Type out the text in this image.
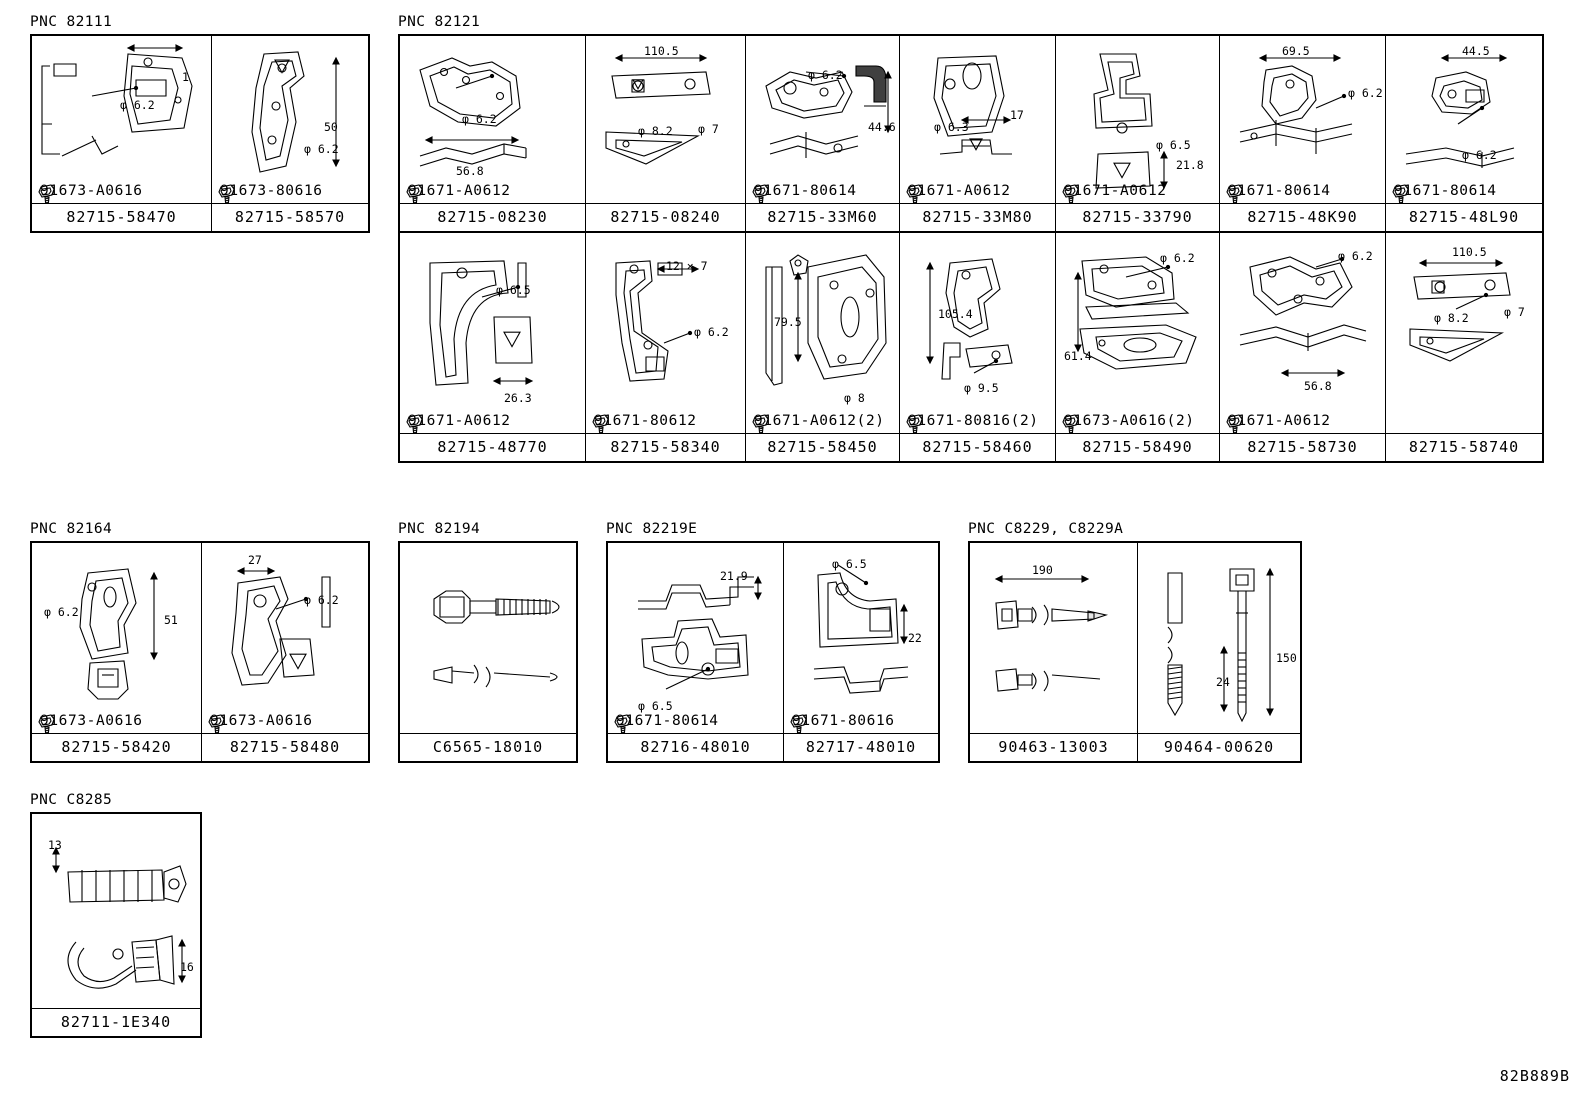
82B889B
PNC 82111
φ 6.2
1
91673-A0616
82715-58470
φ 6.2
50
91673-80616
82715-58570
PNC 82121
φ 6.2
56.8
91671-A0612
82715-08230
110.5
φ 8.2 φ 7
82715-08240
φ 6.2
44.6
91671-80614
82715-33M60
φ 6.3
17
91671-A0612
82715-33M80
φ 6.5
21.8
91671-A0612
82715-33790
69.5
φ 6.2
91671-80614
82715-48K90
44.5
φ 6.2
91671-80614
82715-48L90
φ 6.5
26.3
91671-A0612
82715-48770
12 × 7
φ 6.2
91671-80612
82715-58340
79.5
φ 8
91671-A0612(2)
82715-58450
105.4
φ 9.5
91671-80816(2)
82715-58460
φ 6.2
61.4
91673-A0616(2)
82715-58490
φ 6.2
56.8
91671-A0612
82715-58730
110.5
φ 8.2	φ 7
82715-58740
PNC 82164
φ 6.2
51
91673-A0616
82715-58420
27
φ 6.2
91673-A0616
82715-58480
PNC 82194
C6565-18010
PNC 82219E
21.9
φ 6.5
91671-80614
82716-48010
φ 6.5
22
91671-80616
82717-48010
PNC C8229, C8229A
190
90463-13003
150
24
90464-00620
PNC C8285
13
16
82711-1E340
